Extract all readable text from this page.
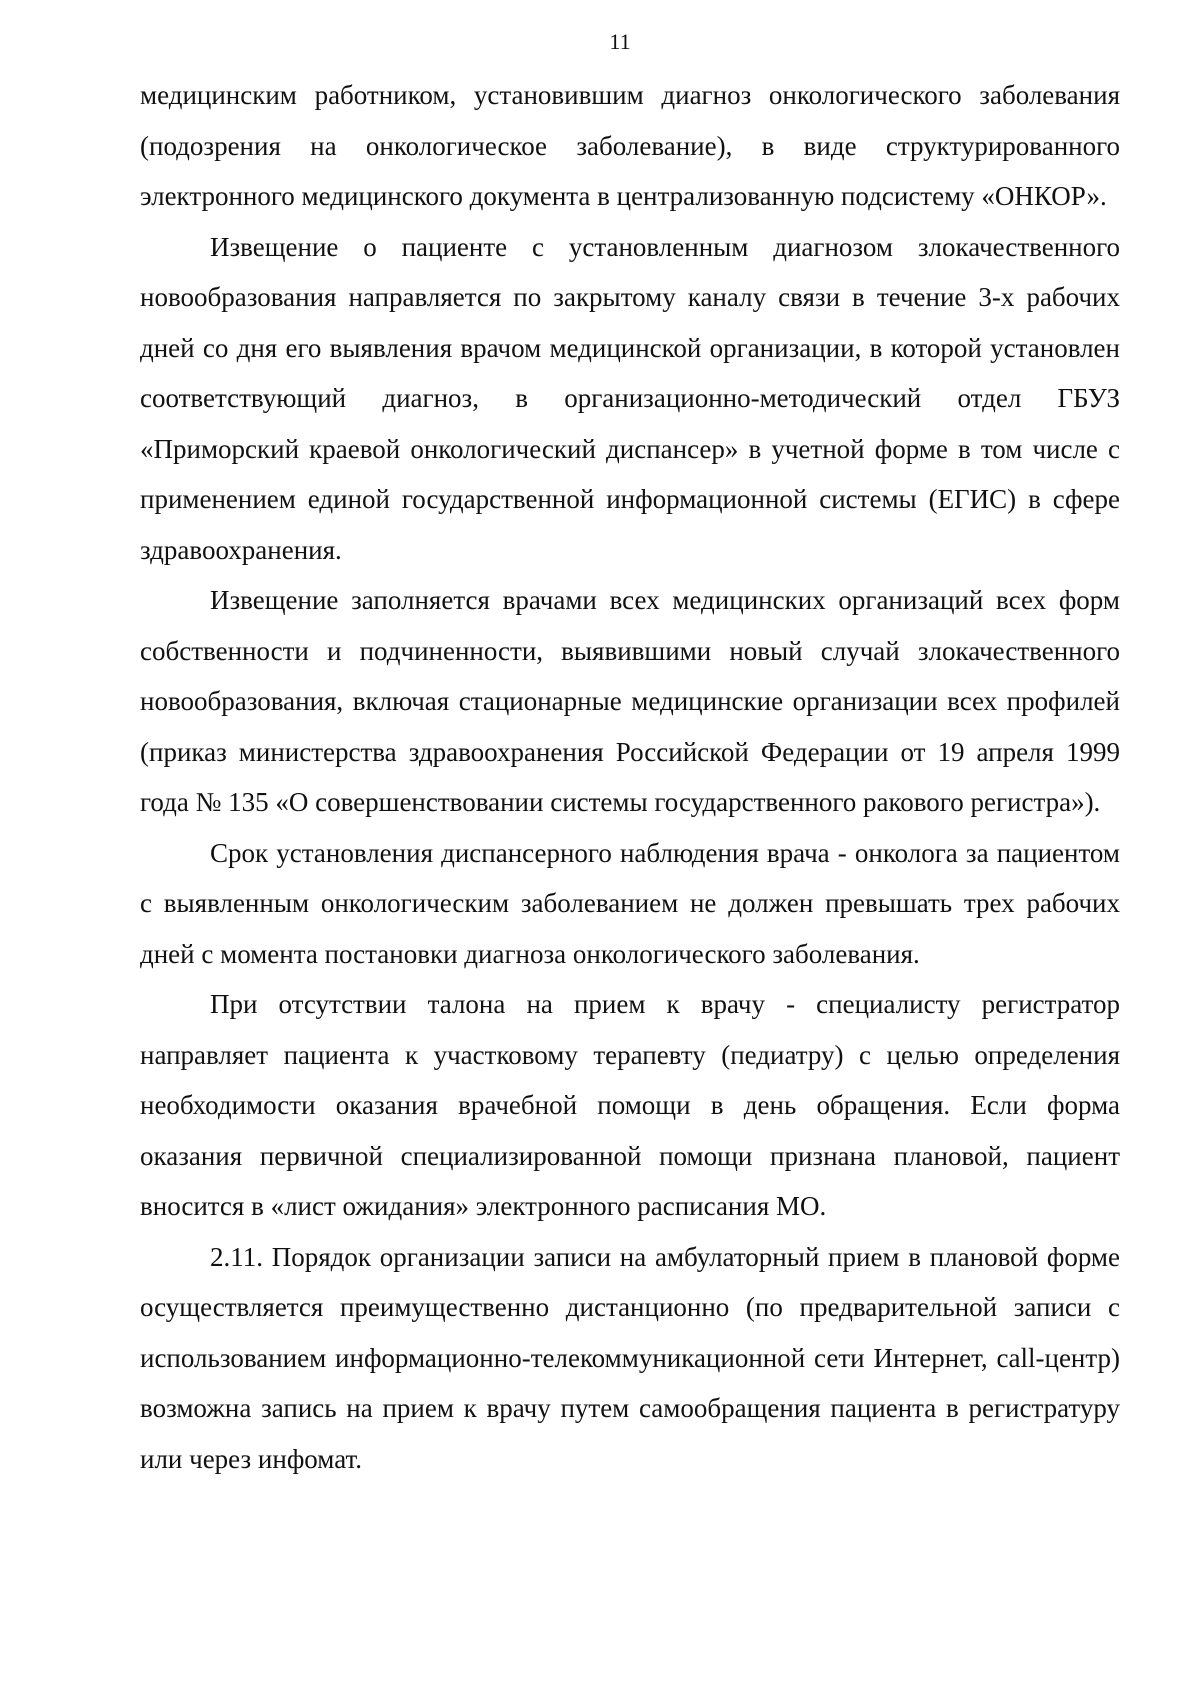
11

медицинским работником, установившим диагноз онкологического заболевания (подозрения на онкологическое заболевание), в виде структурированного электронного медицинского документа в централизованную подсистему «ОНКОР».

Извещение о пациенте с установленным диагнозом злокачественного новообразования направляется по закрытому каналу связи в течение 3-х рабочих дней со дня его выявления врачом медицинской организации, в которой установлен соответствующий диагноз, в организационно-методический отдел ГБУЗ «Приморский краевой онкологический диспансер» в учетной форме в том числе с применением единой государственной информационной системы (ЕГИС) в сфере здравоохранения.

Извещение заполняется врачами всех медицинских организаций всех форм собственности и подчиненности, выявившими новый случай злокачественного новообразования, включая стационарные медицинские организации всех профилей (приказ министерства здравоохранения Российской Федерации от 19 апреля 1999 года № 135 «О совершенствовании системы государственного ракового регистра»).

Срок установления диспансерного наблюдения врача - онколога за пациентом с выявленным онкологическим заболеванием не должен превышать трех рабочих дней с момента постановки диагноза онкологического заболевания.

При отсутствии талона на прием к врачу - специалисту регистратор направляет пациента к участковому терапевту (педиатру) с целью определения необходимости оказания врачебной помощи в день обращения. Если форма оказания первичной специализированной помощи признана плановой, пациент вносится в «лист ожидания» электронного расписания МО.

2.11. Порядок организации записи на амбулаторный прием в плановой форме осуществляется преимущественно дистанционно (по предварительной записи с использованием информационно-телекоммуникационной сети Интернет, call-центр) возможна запись на прием к врачу путем самообращения пациента в регистратуру или через инфомат.
